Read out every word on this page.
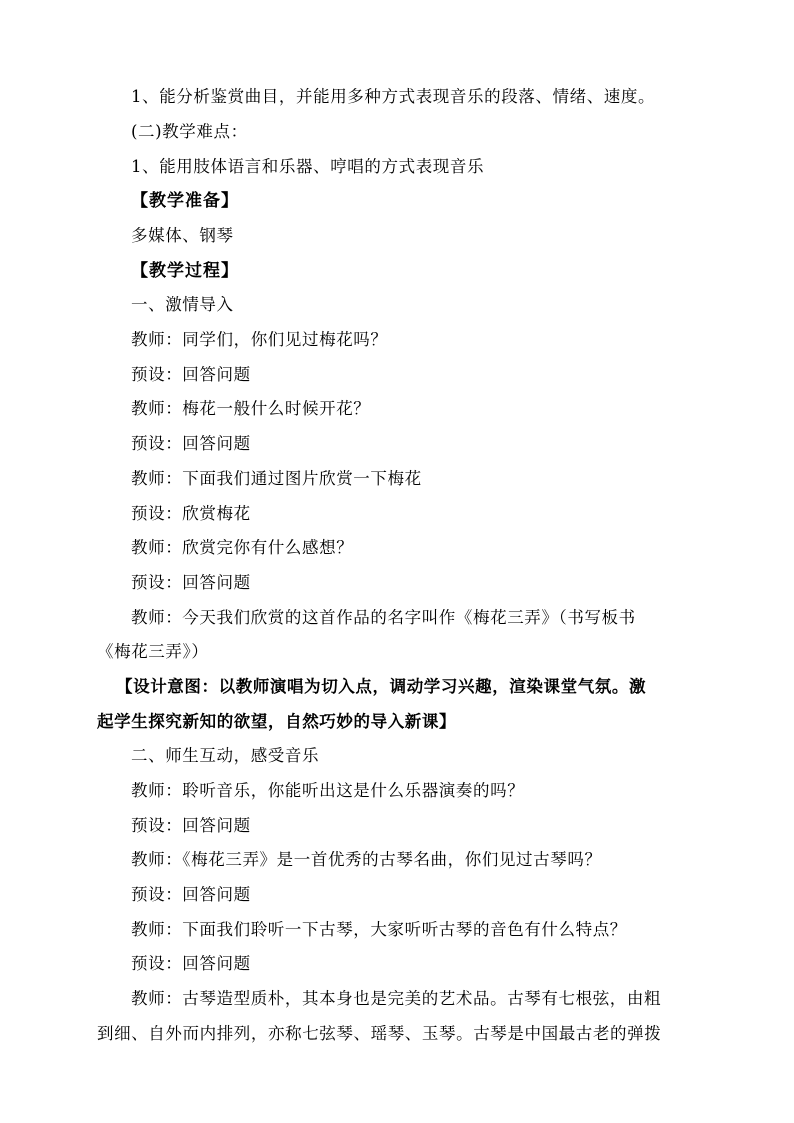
1、能分析鉴赏曲目，并能用多种方式表现音乐的段落、情绪、速度。
(二)教学难点：
1、能用肢体语言和乐器、哼唱的方式表现音乐
【教学准备】
多媒体、钢琴
【教学过程】
一、激情导入
教师：同学们，你们见过梅花吗？
预设：回答问题
教师：梅花一般什么时候开花？
预设：回答问题
教师：下面我们通过图片欣赏一下梅花
预设：欣赏梅花
教师：欣赏完你有什么感想？
预设：回答问题
教师：今天我们欣赏的这首作品的名字叫作《梅花三弄》（书写板书
《梅花三弄》）
【设计意图：以教师演唱为切入点，调动学习兴趣，渲染课堂气氛。激
起学生探究新知的欲望，自然巧妙的导入新课】
二、师生互动，感受音乐
教师：聆听音乐，你能听出这是什么乐器演奏的吗？
预设：回答问题
教师：《梅花三弄》是一首优秀的古琴名曲，你们见过古琴吗？
预设：回答问题
教师：下面我们聆听一下古琴，大家听听古琴的音色有什么特点？
预设：回答问题
教师：古琴造型质朴，其本身也是完美的艺术品。古琴有七根弦，由粗
到细、自外而内排列，亦称七弦琴、瑶琴、玉琴。古琴是中国最古老的弹拨
